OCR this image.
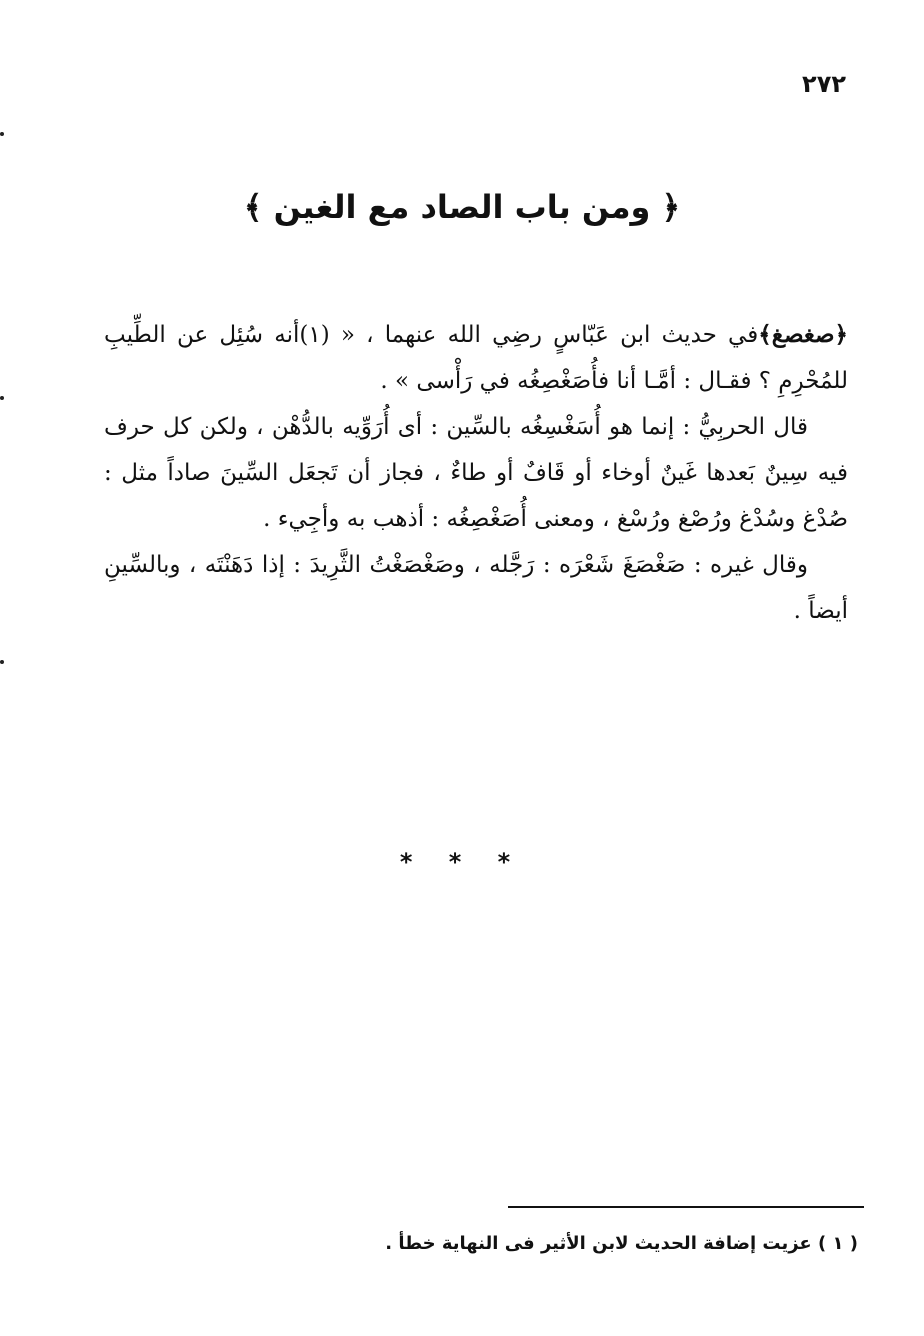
٢٧٢
﴿ ومن باب الصاد مع الغين ﴾

﴿صغصغ﴾في حديث ابن عَبّاسٍ رضِي الله عنهما ، « (١)أنه سُئِل عن الطِّيبِ للمُحْرِمِ ؟ فقـال : أمَّـا أنا فأُصَغْصِغُه في رَأْسى » .

قال الحربِيُّ : إنما هو أُسَغْسِغُه بالسِّين : أى أُرَوِّيه بالدُّهْن ، ولكن كل حرف فيه سِينٌ بَعدها غَينٌ أوخاء أو قَافٌ أو طاءٌ ، فجاز أن تَجعَل السِّينَ صاداً مثل : صُدْغ وسُدْغ ورُصْغ ورُسْغ ، ومعنى أُصَغْصِغُه : أذهب به وأجِيء .

وقال غيره : صَغْصَغَ شَعْرَه : رَجَّله ، وصَغْصَغْتُ الثَّرِيدَ : إذا دَهَنْتَه ، وبالسِّينِ أيضاً .

* * *
( ١ ) عزيت إضافة الحديث لابن الأثير فى النهاية خطأ .
